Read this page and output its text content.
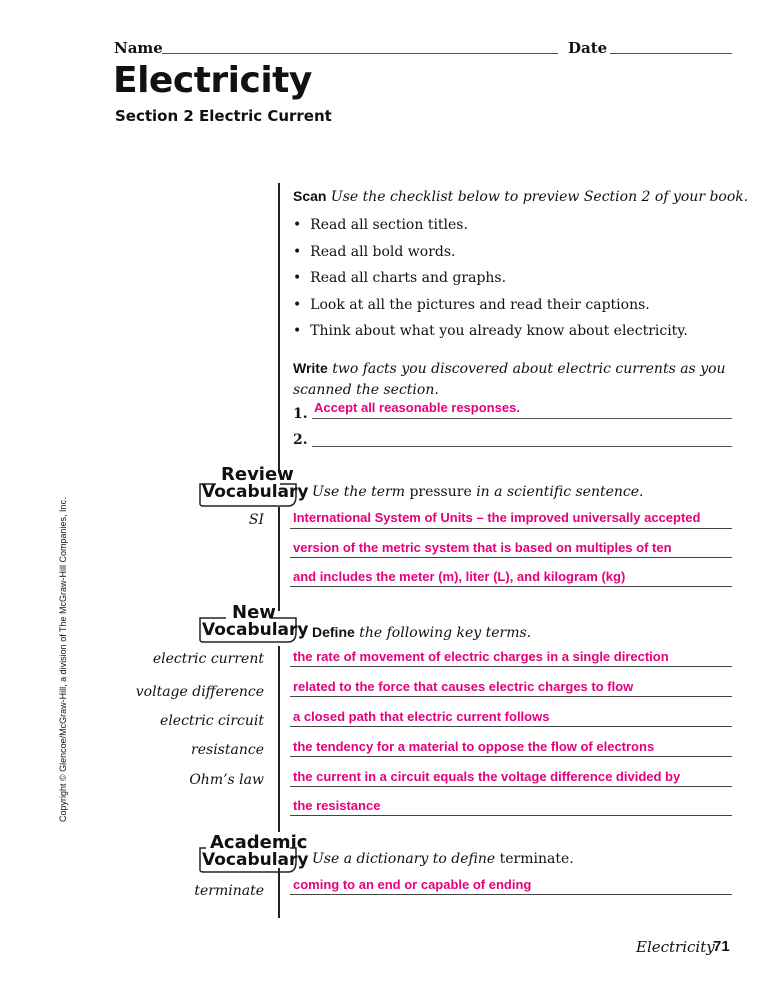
Name	Date
Electricity
Section 2 Electric Current
Copyright © Glencoe/McGraw-Hill, a division of The McGraw-Hill Companies, Inc.
Scan Use the checklist below to preview Section 2 of your book.
•  Read all section titles.
•  Read all bold words.
•  Read all charts and graphs.
•  Look at all the pictures and read their captions.
•  Think about what you already know about electricity.
Write two facts you discovered about electric currents as you
scanned the section.
1. Accept all reasonable responses.
2.
Review
Vocabulary Use the term pressure in a scientific sentence.
SI International System of Units – the improved universally accepted
version of the metric system that is based on multiples of ten
and includes the meter (m), liter (L), and kilogram (kg)
New
Vocabulary Define the following key terms.
electric current the rate of movement of electric charges in a single direction
voltage difference related to the force that causes electric charges to flow
electric circuit a closed path that electric current follows
resistance the tendency for a material to oppose the flow of electrons
Ohm’s law the current in a circuit equals the voltage difference divided by
the resistance
Academic
Vocabulary Use a dictionary to define terminate.
terminate coming to an end or capable of ending
Electricity
71
